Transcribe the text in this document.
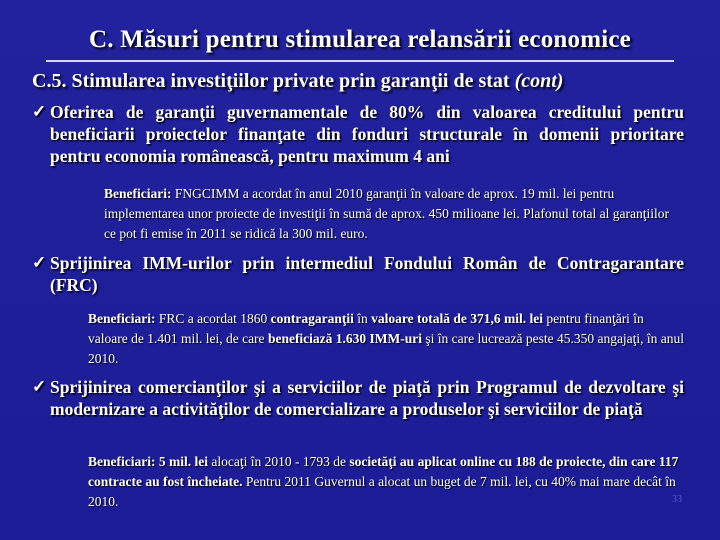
C. Măsuri pentru stimularea relansării economice
C.5. Stimularea investiţiilor private prin garanţii de stat (cont)
✓ Oferirea de garanţii guvernamentale de 80% din valoarea creditului pentru beneficiarii proiectelor finanţate din fonduri structurale în domenii prioritare pentru economia românească, pentru maximum 4 ani
Beneficiari: FNGCIMM a acordat în anul 2010 garanţii în valoare de aprox. 19 mil. lei pentru implementarea unor proiecte de investiţii în sumă de aprox. 450 milioane lei. Plafonul total al garanţiilor ce pot fi emise în 2011 se ridică la 300 mil. euro.
✓ Sprijinirea IMM-urilor prin intermediul Fondului Român de Contragarantare (FRC)
Beneficiari: FRC a acordat 1860 contragaranţii în valoare totală de 371,6 mil. lei pentru finanţări în valoare de 1.401 mil. lei, de care beneficiază 1.630 IMM-uri şi în care lucrează peste 45.350 angajaţi, în anul 2010.
✓ Sprijinirea comercianţilor şi a serviciilor de piaţă prin Programul de dezvoltare şi modernizare a activităţilor de comercializare a produselor şi serviciilor de piaţă
Beneficiari: 5 mil. lei alocaţi în 2010 - 1793 de societăţi au aplicat online cu 188 de proiecte, din care 117 contracte au fost încheiate. Pentru 2011 Guvernul a alocat un buget de 7 mil. lei, cu 40% mai mare decât în 2010.	33
